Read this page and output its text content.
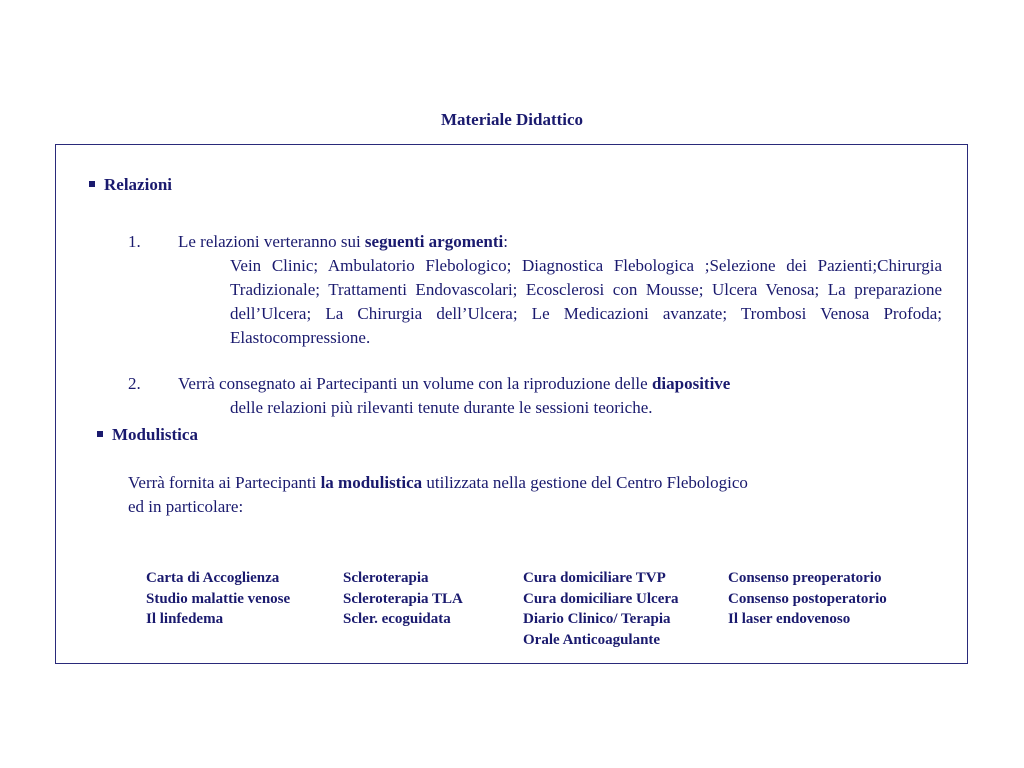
Materiale Didattico
Relazioni
1. Le relazioni verteranno sui seguenti argomenti:
Vein Clinic; Ambulatorio Flebologico; Diagnostica Flebologica ;Selezione dei Pazienti;Chirurgia Tradizionale; Trattamenti Endovascolari; Ecosclerosi con Mousse; Ulcera Venosa; La preparazione dell’Ulcera; La Chirurgia dell’Ulcera; Le Medicazioni avanzate; Trombosi Venosa Profoda; Elastocompressione.
2. Verrà consegnato ai Partecipanti un volume con la riproduzione delle diapositive
delle relazioni più rilevanti tenute durante le sessioni teoriche.
Modulistica
Verrà fornita ai Partecipanti la modulistica utilizzata nella gestione del Centro Flebologico
ed in particolare:
Carta di Accoglienza
Studio malattie venose
Il linfedema
Scleroterapia
Scleroterapia TLA
Scler. ecoguidata
Cura domiciliare TVP
Cura domiciliare Ulcera
Diario Clinico/ Terapia
Orale Anticoagulante
Consenso preoperatorio
Consenso postoperatorio
Il laser endovenoso
